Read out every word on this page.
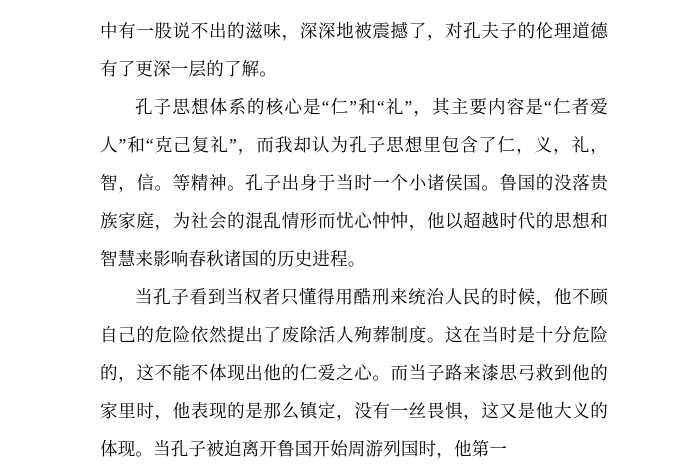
中有一股说不出的滋味，深深地被震撼了，对孔夫子的伦理道德有了更深一层的了解。

孔子思想体系的核心是“仁”和“礼”，其主要内容是“仁者爱人”和“克己复礼”，而我却认为孔子思想里包含了仁，义，礼，智，信。等精神。孔子出身于当时一个小诸侯国。鲁国的没落贵族家庭，为社会的混乱情形而忧心忡忡，他以超越时代的思想和智慧来影响春秋诸国的历史进程。

当孔子看到当权者只懂得用酷刑来统治人民的时候，他不顾自己的危险依然提出了废除活人殉葬制度。这在当时是十分危险的，这不能不体现出他的仁爱之心。而当子路来漆思弓救到他的家里时，他表现的是那么镇定，没有一丝畏惧，这又是他大义的体现。当孔子被迫离开鲁国开始周游列国时，他第一
